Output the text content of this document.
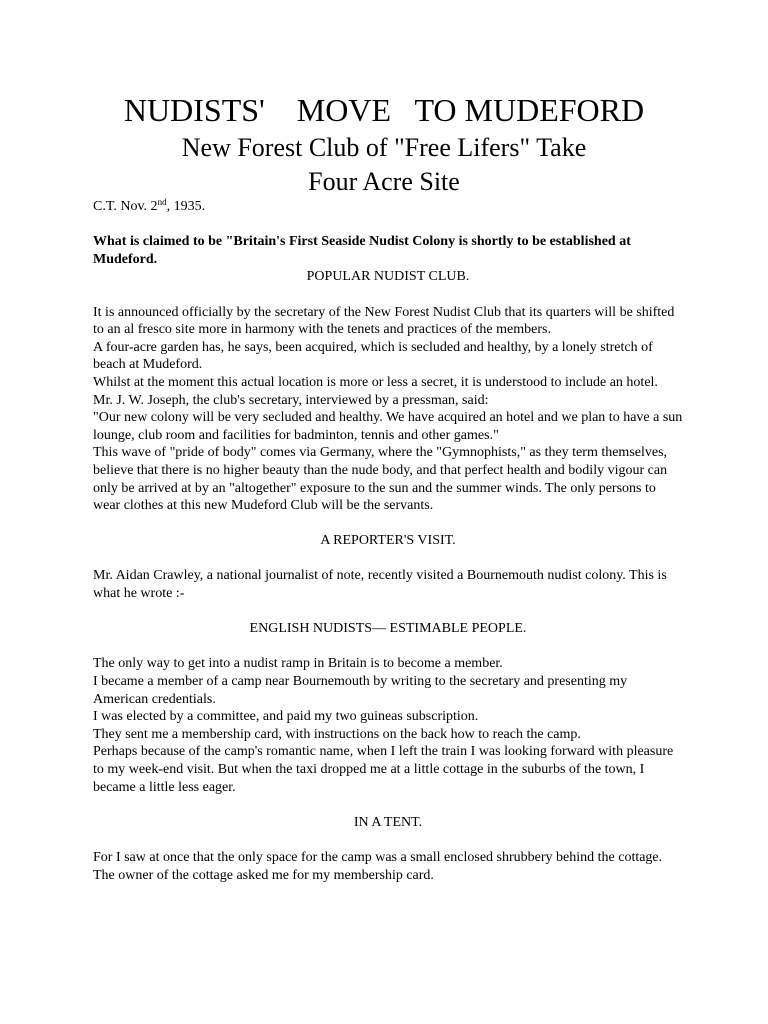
NUDISTS'    MOVE   TO MUDEFORD
New Forest Club of "Free Lifers" Take
Four Acre Site

C.T. Nov. 2nd, 1935.

What is claimed to be "Britain's First Seaside Nudist Colony is shortly to be established at Mudeford.

POPULAR NUDIST CLUB.

It is announced officially by the secretary of the New Forest Nudist Club that its quarters will be shifted to an al fresco site more in harmony with the tenets and practices of the members.

A four-acre garden has, he says, been acquired, which is secluded and healthy, by a lonely stretch of beach at Mudeford.

Whilst at the moment this actual location is more or less a secret, it is understood to include an hotel.

Mr. J. W. Joseph, the club's secretary, interviewed by a pressman, said:

"Our new colony will be very secluded and healthy. We have acquired an hotel and we plan to have a sun lounge, club room and facilities for badminton, tennis and other games."

This wave of "pride of body" comes via Germany, where the "Gymnophists," as they term themselves, believe that there is no higher beauty than the nude body, and that perfect health and bodily vigour can only be arrived at by an "altogether" exposure to the sun and the summer winds. The only persons to wear clothes at this new Mudeford Club will be the servants.

A REPORTER'S VISIT.

Mr. Aidan Crawley, a national journalist of note, recently visited a Bournemouth nudist colony. This is what he wrote :-

ENGLISH NUDISTS— ESTIMABLE PEOPLE.

The only way to get into a nudist ramp in Britain is to become a member.

I became a member of a camp near Bournemouth by writing to the secretary and presenting my American credentials.

I was elected by a committee, and paid my two guineas subscription.

They sent me a membership card, with instructions on the back how to reach the camp.

Perhaps because of the camp's romantic name, when I left the train I was looking forward with pleasure to my week-end visit. But when the taxi dropped me at a little cottage in the suburbs of the town, I became a little less eager.

IN A TENT.

For I saw at once that the only space for the camp was a small enclosed shrubbery behind the cottage.

The owner of the cottage asked me for my membership card.
